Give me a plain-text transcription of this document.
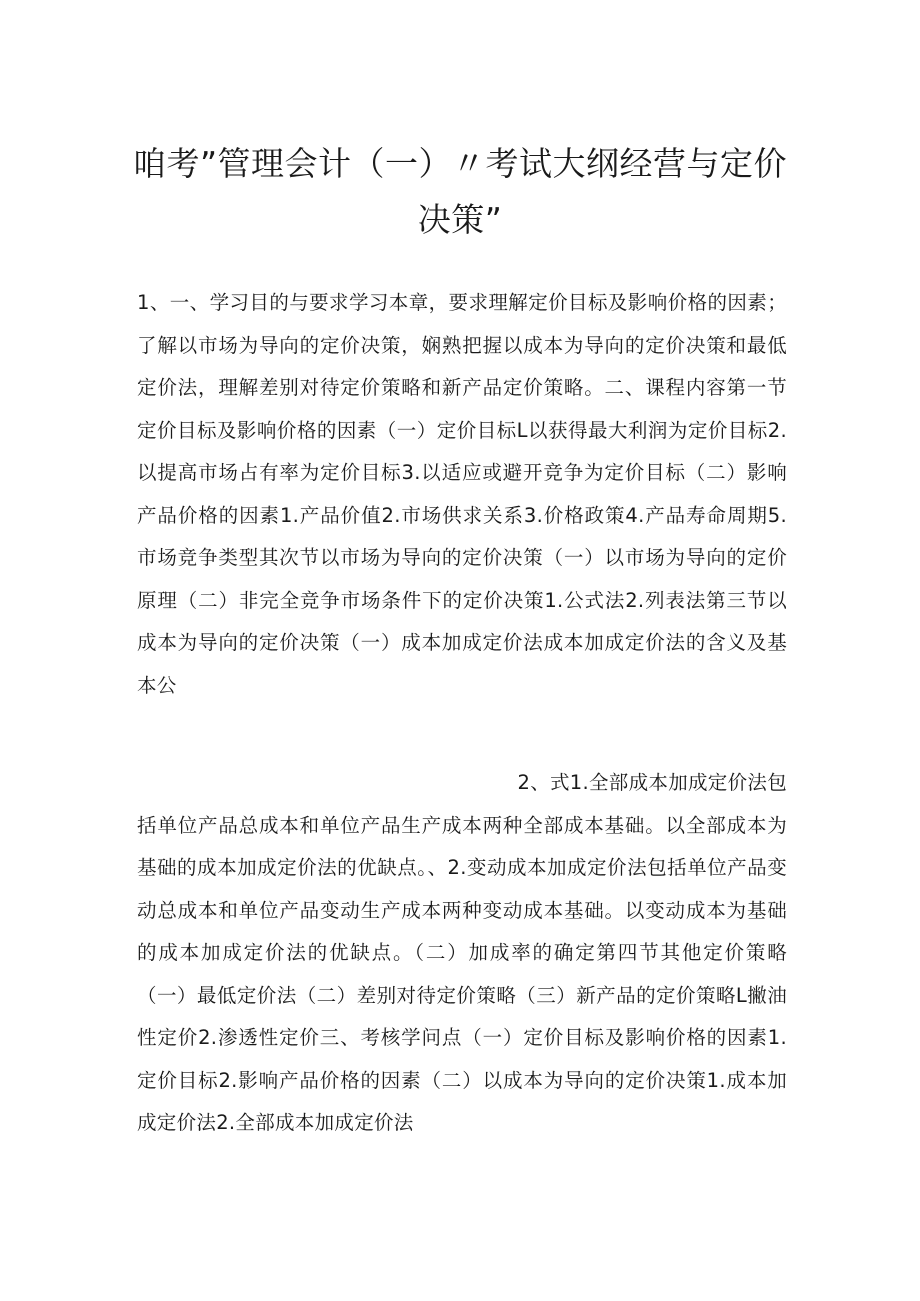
咱考”管理会计（一）〃考试大纲经营与定价决策”

1、一、学习目的与要求学习本章，要求理解定价目标及影响价格的因素；了解以市场为导向的定价决策，娴熟把握以成本为导向的定价决策和最低定价法，理解差别对待定价策略和新产品定价策略。二、课程内容第一节定价目标及影响价格的因素（一）定价目标L以获得最大利润为定价目标2.以提高市场占有率为定价目标3.以适应或避开竞争为定价目标（二）影响产品价格的因素1.产品价值2.市场供求关系3.价格政策4.产品寿命周期5.市场竞争类型其次节以市场为导向的定价决策（一）以市场为导向的定价原理（二）非完全竞争市场条件下的定价决策1.公式法2.列表法第三节以成本为导向的定价决策（一）成本加成定价法成本加成定价法的含义及基本公

2、式1.全部成本加成定价法包
括单位产品总成本和单位产品生产成本两种全部成本基础。以全部成本为基础的成本加成定价法的优缺点。、2.变动成本加成定价法包括单位产品变动总成本和单位产品变动生产成本两种变动成本基础。以变动成本为基础的成本加成定价法的优缺点。（二）加成率的确定第四节其他定价策略（一）最低定价法（二）差别对待定价策略（三）新产品的定价策略L撇油性定价2.渗透性定价三、考核学问点（一）定价目标及影响价格的因素1.定价目标2.影响产品价格的因素（二）以成本为导向的定价决策1.成本加成定价法2.全部成本加成定价法
